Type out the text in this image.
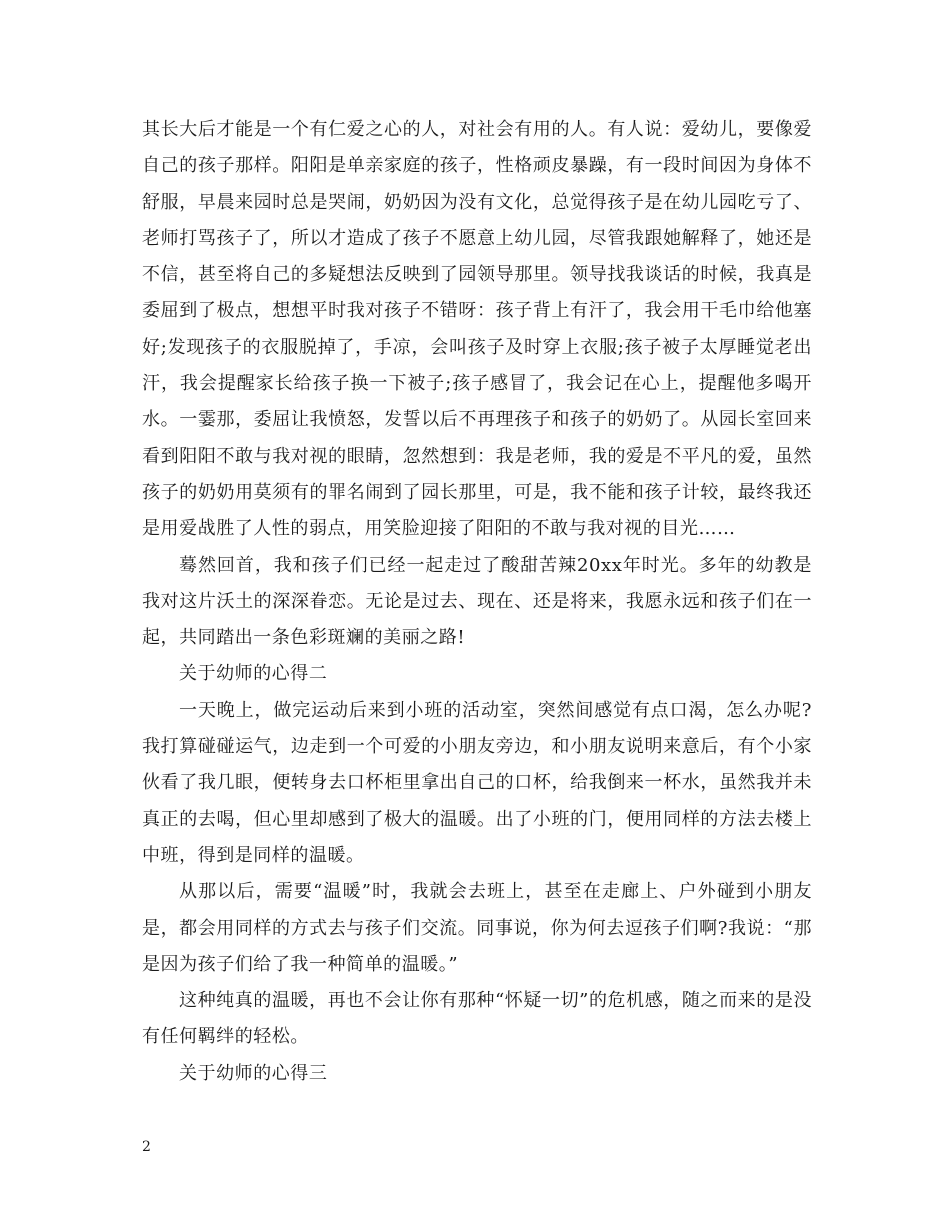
其长大后才能是一个有仁爱之心的人，对社会有用的人。有人说：爱幼儿，要像爱自己的孩子那样。阳阳是单亲家庭的孩子，性格顽皮暴躁，有一段时间因为身体不舒服，早晨来园时总是哭闹，奶奶因为没有文化，总觉得孩子是在幼儿园吃亏了、老师打骂孩子了，所以才造成了孩子不愿意上幼儿园，尽管我跟她解释了，她还是不信，甚至将自己的多疑想法反映到了园领导那里。领导找我谈话的时候，我真是委屈到了极点，想想平时我对孩子不错呀：孩子背上有汗了，我会用干毛巾给他塞好;发现孩子的衣服脱掉了，手凉，会叫孩子及时穿上衣服;孩子被子太厚睡觉老出汗，我会提醒家长给孩子换一下被子;孩子感冒了，我会记在心上，提醒他多喝开水。一霎那，委屈让我愤怒，发誓以后不再理孩子和孩子的奶奶了。从园长室回来看到阳阳不敢与我对视的眼睛，忽然想到：我是老师，我的爱是不平凡的爱，虽然孩子的奶奶用莫须有的罪名闹到了园长那里，可是，我不能和孩子计较，最终我还是用爱战胜了人性的弱点，用笑脸迎接了阳阳的不敢与我对视的目光……

蓦然回首，我和孩子们已经一起走过了酸甜苦辣20xx年时光。多年的幼教是我对这片沃土的深深眷恋。无论是过去、现在、还是将来，我愿永远和孩子们在一起，共同踏出一条色彩斑斓的美丽之路!

关于幼师的心得二

一天晚上，做完运动后来到小班的活动室，突然间感觉有点口渴，怎么办呢?我打算碰碰运气，边走到一个可爱的小朋友旁边，和小朋友说明来意后，有个小家伙看了我几眼，便转身去口杯柜里拿出自己的口杯，给我倒来一杯水，虽然我并未真正的去喝，但心里却感到了极大的温暖。出了小班的门，便用同样的方法去楼上中班，得到是同样的温暖。

从那以后，需要“温暖”时，我就会去班上，甚至在走廊上、户外碰到小朋友是，都会用同样的方式去与孩子们交流。同事说，你为何去逗孩子们啊?我说：“那是因为孩子们给了我一种简单的温暖。”

这种纯真的温暖，再也不会让你有那种“怀疑一切”的危机感，随之而来的是没有任何羁绊的轻松。

关于幼师的心得三

2
